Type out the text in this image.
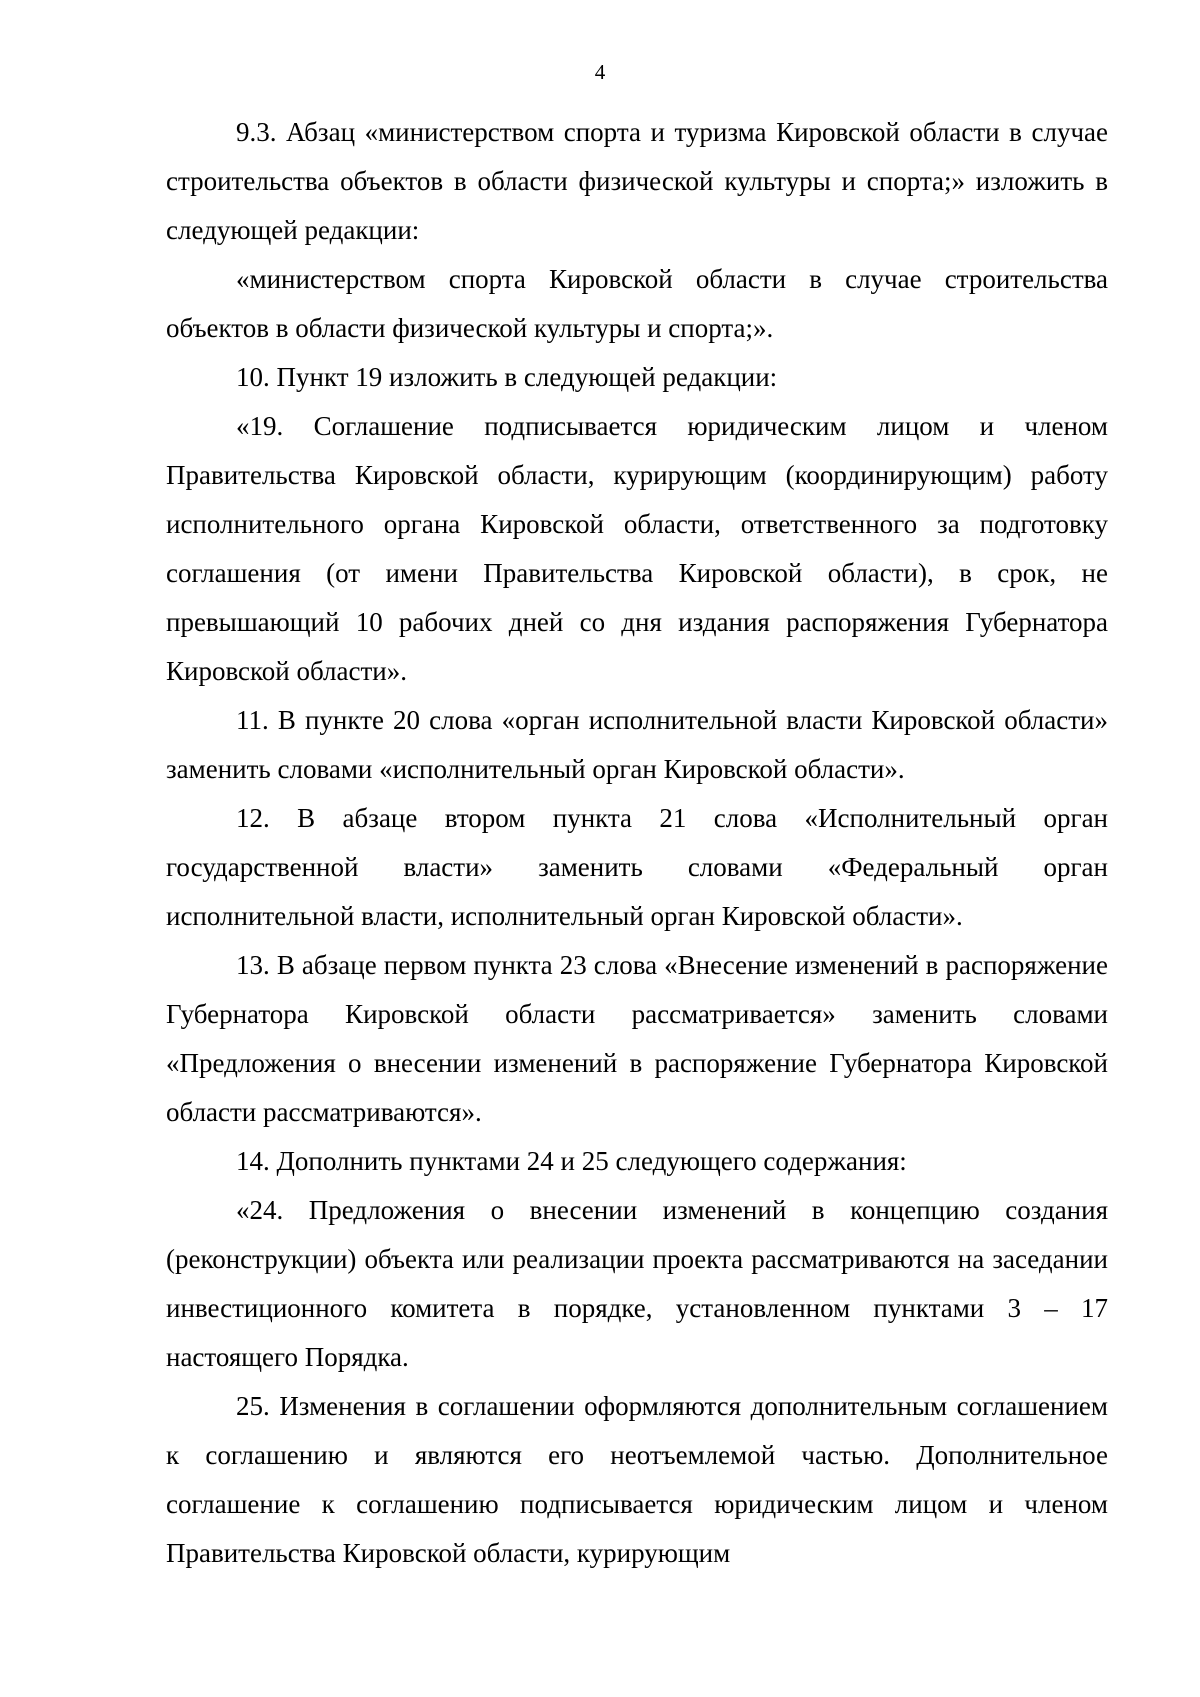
4

9.3. Абзац «министерством спорта и туризма Кировской области в случае строительства объектов в области физической культуры и спорта;» изложить в следующей редакции:

«министерством спорта Кировской области в случае строительства объектов в области физической культуры и спорта;».

10. Пункт 19 изложить в следующей редакции:

«19. Соглашение подписывается юридическим лицом и членом Правительства Кировской области, курирующим (координирующим) работу исполнительного органа Кировской области, ответственного за подготовку соглашения (от имени Правительства Кировской области), в срок, не превышающий 10 рабочих дней со дня издания распоряжения Губернатора Кировской области».

11. В пункте 20 слова «орган исполнительной власти Кировской области» заменить словами «исполнительный орган Кировской области».

12. В абзаце втором пункта 21 слова «Исполнительный орган государственной власти» заменить словами «Федеральный орган исполнительной власти, исполнительный орган Кировской области».

13. В абзаце первом пункта 23 слова «Внесение изменений в распоряжение Губернатора Кировской области рассматривается» заменить словами «Предложения о внесении изменений в распоряжение Губернатора Кировской области рассматриваются».

14. Дополнить пунктами 24 и 25 следующего содержания:

«24. Предложения о внесении изменений в концепцию создания (реконструкции) объекта или реализации проекта рассматриваются на заседании инвестиционного комитета в порядке, установленном пунктами 3 – 17 настоящего Порядка.

25. Изменения в соглашении оформляются дополнительным соглашением к соглашению и являются его неотъемлемой частью. Дополнительное соглашение к соглашению подписывается юридическим лицом и членом Правительства Кировской области, курирующим
